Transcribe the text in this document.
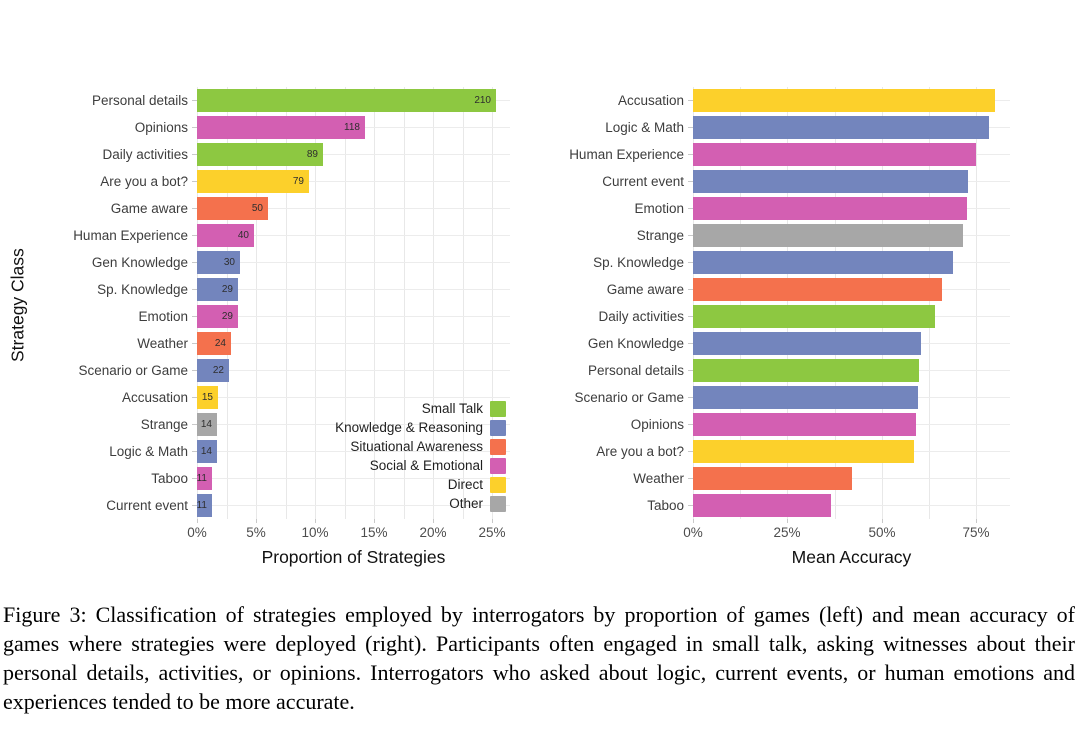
Strategy Class
210
118
89
79
50
40
30
29
29
24
22
15
14
14
11
11
Personal details
Opinions
Daily activities
Are you a bot?
Game aware
Human Experience
Gen Knowledge
Sp. Knowledge
Emotion
Weather
Scenario or Game
Accusation
Strange
Logic & Math
Taboo
Current event
0%	5%	10%	15%	20%	25%
Accusation
Logic & Math
Human Experience
Current event
Emotion
Strange
Sp. Knowledge
Game aware
Daily activities
Gen Knowledge
Personal details
Scenario or Game
Opinions
Are you a bot?
Weather
Taboo
0%	25%	50%	75%
Proportion of Strategies	Mean Accuracy
Small Talk
Knowledge & Reasoning
Situational Awareness
Social & Emotional
Direct
Other

Figure 3: Classification of strategies employed by interrogators by proportion of games (left) and mean accuracy of games where strategies were deployed (right). Participants often engaged in small talk, asking witnesses about their personal details, activities, or opinions. Interrogators who asked about logic, current events, or human emotions and experiences tended to be more accurate.
